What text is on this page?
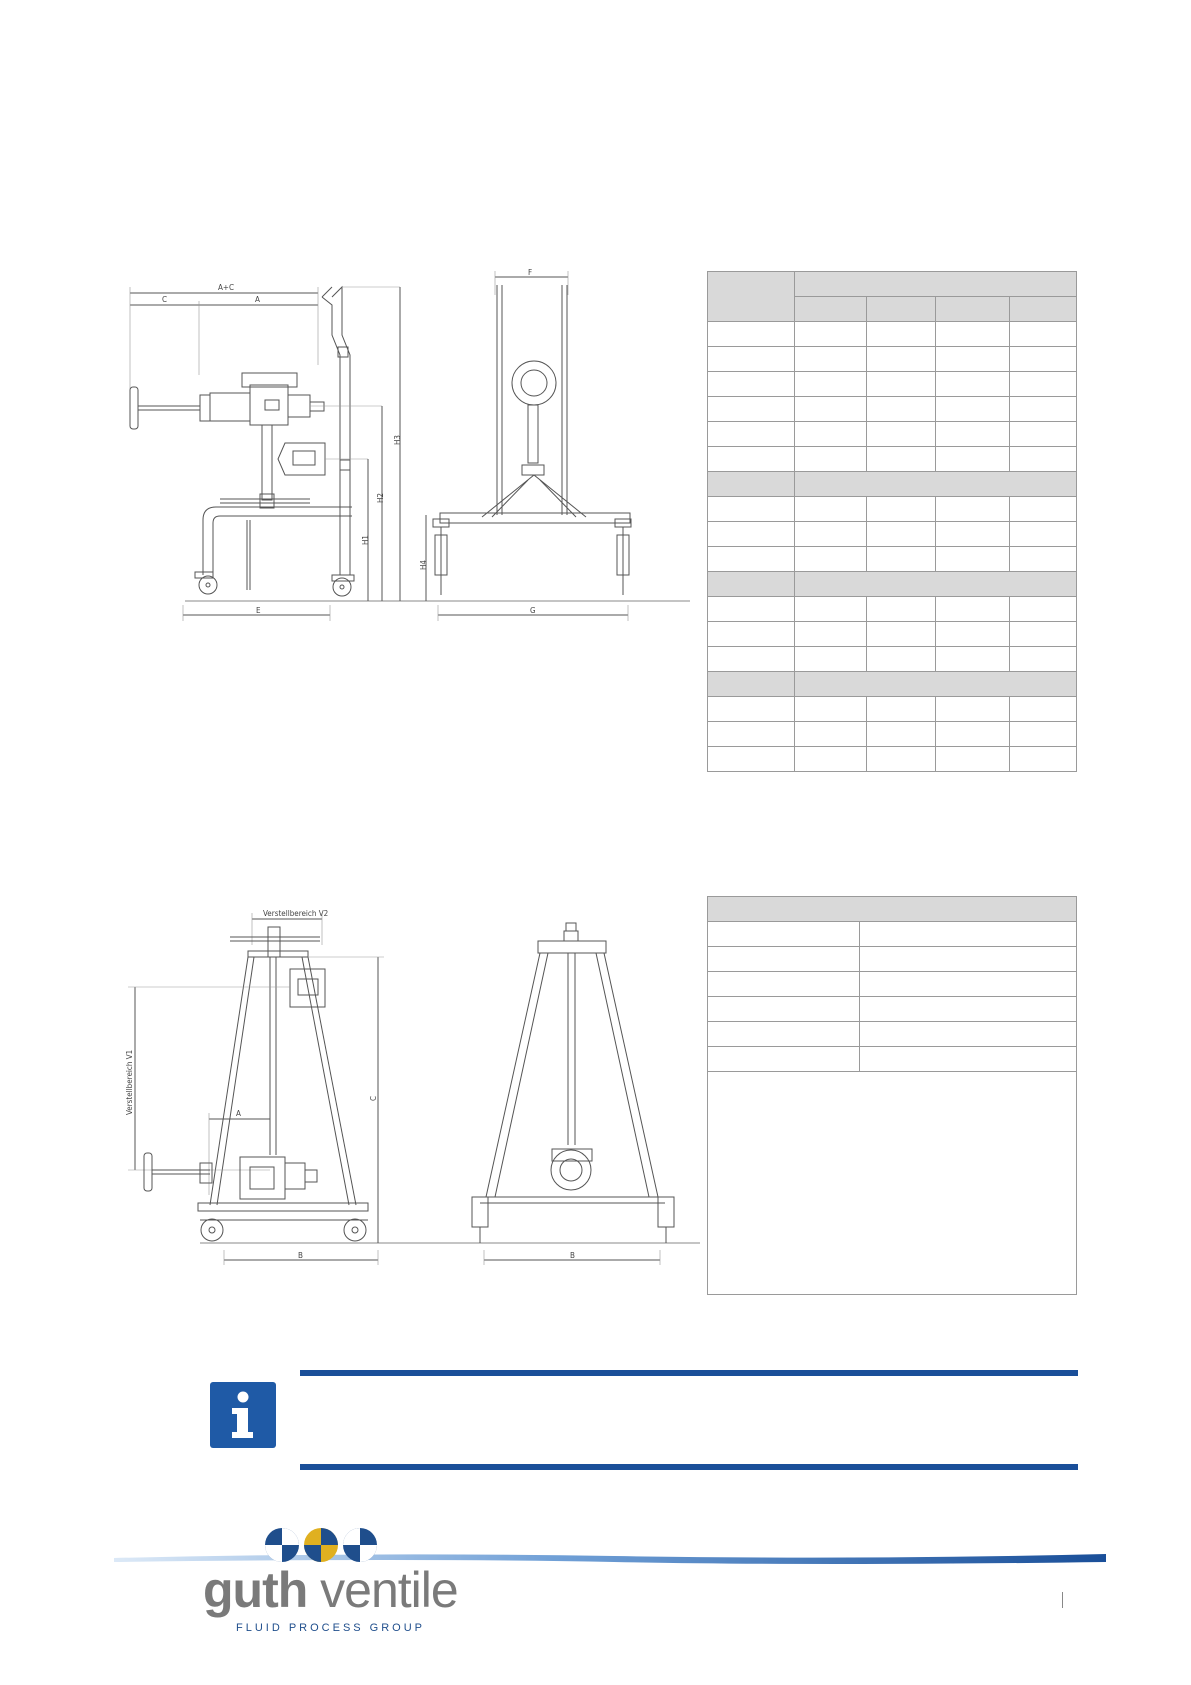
A+C
C	A
H3
H2
H1
E
F
H4
G

Verstellbereich V2
Verstellbereich V1	A
C
B	B

guth ventile
FLUID PROCESS GROUP
